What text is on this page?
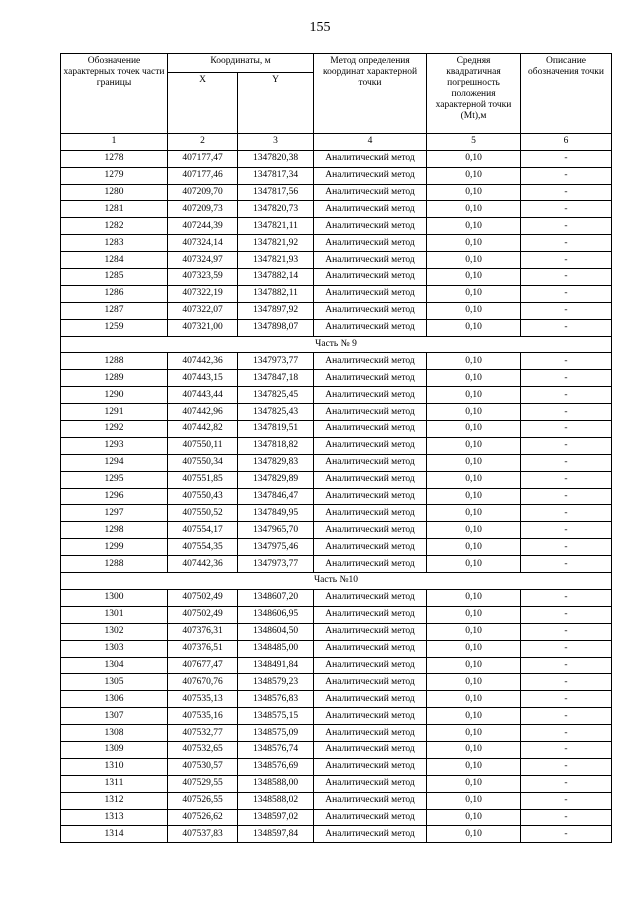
155
Обозначение характерных точек части границы	Координаты, м		Метод определения координат характерной точки	Средняя квадратичная погрешность положения характерной точки (Mt),м	Описание обозначения точки
	X	Y			
1	2	3	4	5	6
1278	407177,47	1347820,38	Аналитический метод	0,10	-
1279	407177,46	1347817,34	Аналитический метод	0,10	-
1280	407209,70	1347817,56	Аналитический метод	0,10	-
1281	407209,73	1347820,73	Аналитический метод	0,10	-
1282	407244,39	1347821,11	Аналитический метод	0,10	-
1283	407324,14	1347821,92	Аналитический метод	0,10	-
1284	407324,97	1347821,93	Аналитический метод	0,10	-
1285	407323,59	1347882,14	Аналитический метод	0,10	-
1286	407322,19	1347882,11	Аналитический метод	0,10	-
1287	407322,07	1347897,92	Аналитический метод	0,10	-
1259	407321,00	1347898,07	Аналитический метод	0,10	-
Часть № 9					
1288	407442,36	1347973,77	Аналитический метод	0,10	-
1289	407443,15	1347847,18	Аналитический метод	0,10	-
1290	407443,44	1347825,45	Аналитический метод	0,10	-
1291	407442,96	1347825,43	Аналитический метод	0,10	-
1292	407442,82	1347819,51	Аналитический метод	0,10	-
1293	407550,11	1347818,82	Аналитический метод	0,10	-
1294	407550,34	1347829,83	Аналитический метод	0,10	-
1295	407551,85	1347829,89	Аналитический метод	0,10	-
1296	407550,43	1347846,47	Аналитический метод	0,10	-
1297	407550,52	1347849,95	Аналитический метод	0,10	-
1298	407554,17	1347965,70	Аналитический метод	0,10	-
1299	407554,35	1347975,46	Аналитический метод	0,10	-
1288	407442,36	1347973,77	Аналитический метод	0,10	-
Часть №10					
1300	407502,49	1348607,20	Аналитический метод	0,10	-
1301	407502,49	1348606,95	Аналитический метод	0,10	-
1302	407376,31	1348604,50	Аналитический метод	0,10	-
1303	407376,51	1348485,00	Аналитический метод	0,10	-
1304	407677,47	1348491,84	Аналитический метод	0,10	-
1305	407670,76	1348579,23	Аналитический метод	0,10	-
1306	407535,13	1348576,83	Аналитический метод	0,10	-
1307	407535,16	1348575,15	Аналитический метод	0,10	-
1308	407532,77	1348575,09	Аналитический метод	0,10	-
1309	407532,65	1348576,74	Аналитический метод	0,10	-
1310	407530,57	1348576,69	Аналитический метод	0,10	-
1311	407529,55	1348588,00	Аналитический метод	0,10	-
1312	407526,55	1348588,02	Аналитический метод	0,10	-
1313	407526,62	1348597,02	Аналитический метод	0,10	-
1314	407537,83	1348597,84	Аналитический метод	0,10	-
